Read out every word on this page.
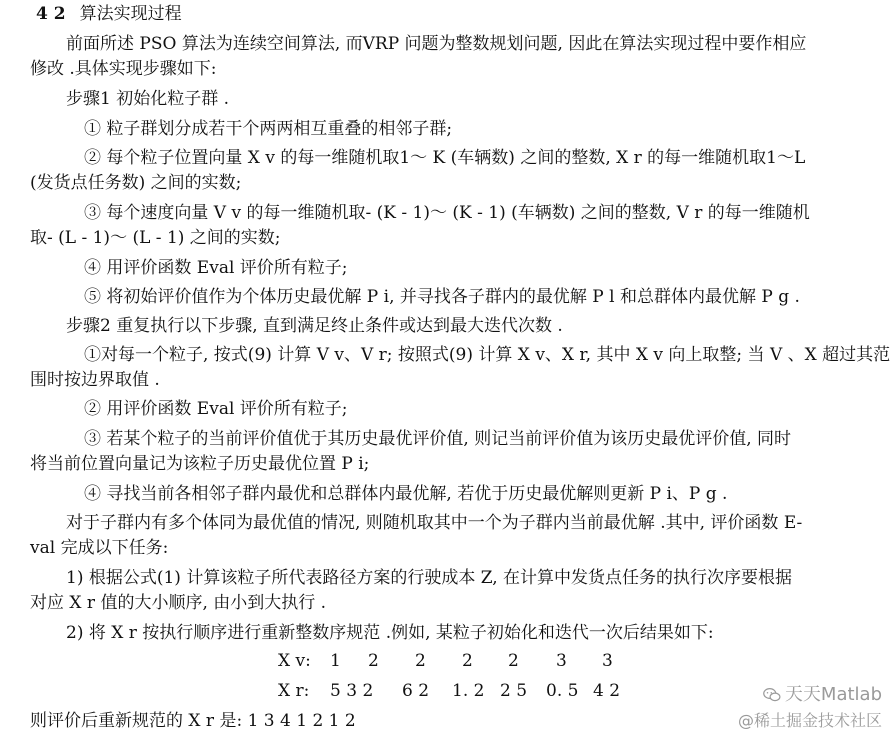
4 2 算法实现过程
前面所述 PSO 算法为连续空间算法, 而VRP 问题为整数规划问题, 因此在算法实现过程中要作相应
修改 .具体实现步骤如下:
步骤1 初始化粒子群 .
① 粒子群划分成若干个两两相互重叠的相邻子群;
② 每个粒子位置向量 X v 的每一维随机取1～ K (车辆数) 之间的整数, X r 的每一维随机取1～L
(发货点任务数) 之间的实数;
③ 每个速度向量 V v 的每一维随机取- (K - 1)～ (K - 1) (车辆数) 之间的整数, V r 的每一维随机
取- (L - 1)～ (L - 1) 之间的实数;
④ 用评价函数 Eval 评价所有粒子;
⑤ 将初始评价值作为个体历史最优解 P i, 并寻找各子群内的最优解 P l 和总群体内最优解 P g .
步骤2 重复执行以下步骤, 直到满足终止条件或达到最大迭代次数 .
①对每一个粒子, 按式(9) 计算 V v、V r; 按照式(9) 计算 X v、X r, 其中 X v 向上取整; 当 V 、X 超过其范
围时按边界取值 .
② 用评价函数 Eval 评价所有粒子;
③ 若某个粒子的当前评价值优于其历史最优评价值, 则记当前评价值为该历史最优评价值, 同时
将当前位置向量记为该粒子历史最优位置 P i;
④ 寻找当前各相邻子群内最优和总群体内最优解, 若优于历史最优解则更新 P i、P g .
对于子群内有多个体同为最优值的情况, 则随机取其中一个为子群内当前最优解 .其中, 评价函数 E-
val 完成以下任务:
1) 根据公式(1) 计算该粒子所代表路径方案的行驶成本 Z, 在计算中发货点任务的执行次序要根据
对应 X r 值的大小顺序, 由小到大执行 .
2) 将 X r 按执行顺序进行重新整数序规范 .例如, 某粒子初始化和迭代一次后结果如下:
X v: 1 2 2 2 2 3 3
X r: 5 3 2 6 2 1. 2 2 5 0. 5 4 2
则评价后重新规范的 X r 是: 1 3 4 1 2 1 2
天天Matlab
@稀土掘金技术社区
